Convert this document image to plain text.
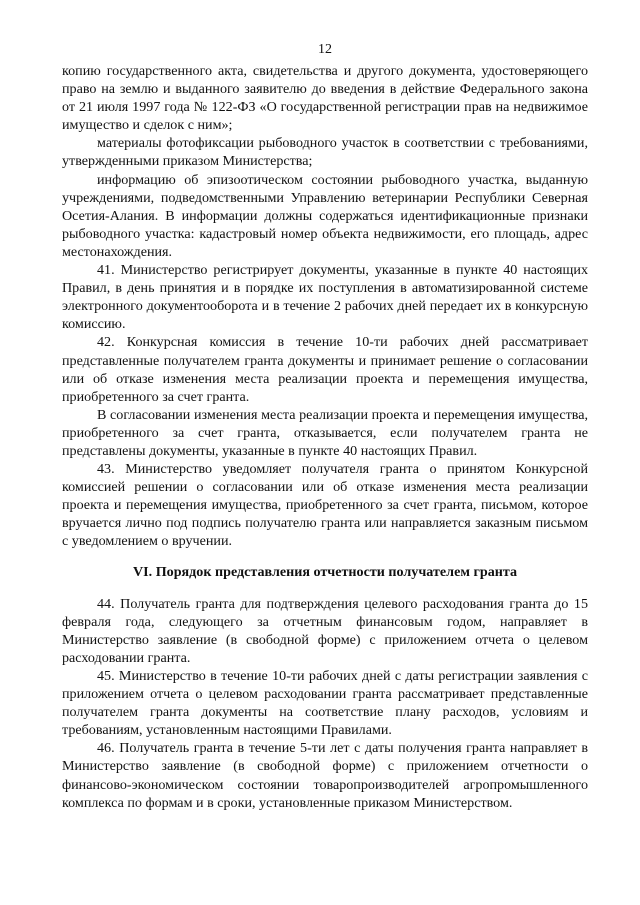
12

копию государственного акта, свидетельства и другого документа, удостоверяющего право на землю и выданного заявителю до введения в действие Федерального закона от 21 июля 1997 года № 122-ФЗ «О государственной регистрации прав на недвижимое имущество и сделок с ним»;

материалы фотофиксации рыбоводного участок в соответствии с требованиями, утвержденными приказом Министерства;

информацию об эпизоотическом состоянии рыбоводного участка, выданную учреждениями, подведомственными Управлению ветеринарии Республики Северная Осетия-Алания. В информации должны содержаться идентификационные признаки рыбоводного участка: кадастровый номер объекта недвижимости, его площадь, адрес местонахождения.

41. Министерство регистрирует документы, указанные в пункте 40 настоящих Правил, в день принятия и в порядке их поступления в автоматизированной системе электронного документооборота и в течение 2 рабочих дней передает их в конкурсную комиссию.

42. Конкурсная комиссия в течение 10-ти рабочих дней рассматривает представленные получателем гранта документы и принимает решение о согласовании или об отказе изменения места реализации проекта и перемещения имущества, приобретенного за счет гранта.

В согласовании изменения места реализации проекта и перемещения имущества, приобретенного за счет гранта, отказывается, если получателем гранта не представлены документы, указанные в пункте 40 настоящих Правил.

43. Министерство уведомляет получателя гранта о принятом Конкурсной комиссией решении о согласовании или об отказе изменения места реализации проекта и перемещения имущества, приобретенного за счет гранта, письмом, которое вручается лично под подпись получателю гранта или направляется заказным письмом с уведомлением о вручении.

VI. Порядок представления отчетности получателем гранта

44. Получатель гранта для подтверждения целевого расходования гранта до 15 февраля года, следующего за отчетным финансовым годом, направляет в Министерство заявление (в свободной форме) с приложением отчета о целевом расходовании гранта.

45. Министерство в течение 10-ти рабочих дней с даты регистрации заявления с приложением отчета о целевом расходовании гранта рассматривает представленные получателем гранта документы на соответствие плану расходов, условиям и требованиям, установленным настоящими Правилами.

46. Получатель гранта в течение 5-ти лет с даты получения гранта направляет в Министерство заявление (в свободной форме) с приложением отчетности о финансово-экономическом состоянии товаропроизводителей агропромышленного комплекса по формам и в сроки, установленные приказом Министерством.
